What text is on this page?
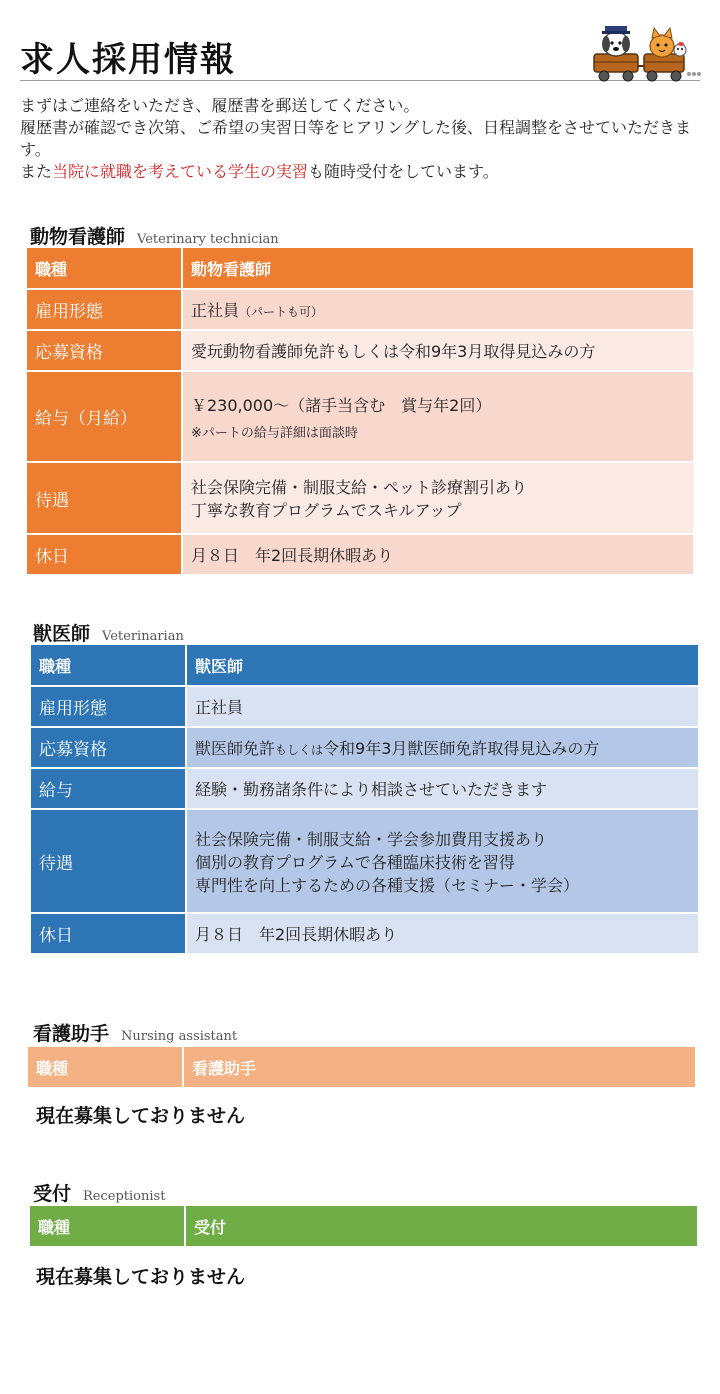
求人採用情報

まずはご連絡をいただき、履歴書を郵送してください。

履歴書が確認でき次第、ご希望の実習日等をヒアリングした後、日程調整をさせていただきます。

また当院に就職を考えている学生の実習も随時受付をしています。

動物看護師 Veterinary technician
職種	動物看護師
雇用形態	正社員（パートも可）
応募資格	愛玩動物看護師免許もしくは令和9年3月取得見込みの方
給与（月給）	￥230,000〜（諸手当含む　賞与年2回）
※パートの給与詳細は面談時

待遇	社会保険完備・制服支給・ペット診療割引あり
丁寧な教育プログラムでスキルアップ

休日	月８日　年2回長期休暇あり
獣医師 Veterinarian
職種	獣医師
雇用形態	正社員
応募資格	獣医師免許もしくは令和9年3月獣医師免許取得見込みの方
給与	経験・勤務諸条件により相談させていただきます
待遇	社会保険完備・制服支給・学会参加費用支援あり
個別の教育プログラムで各種臨床技術を習得
専門性を向上するための各種支援（セミナー・学会）

休日	月８日　年2回長期休暇あり
看護助手 Nursing assistant
職種	看護助手
現在募集しておりません
受付 Receptionist
職種	受付
現在募集しておりません
